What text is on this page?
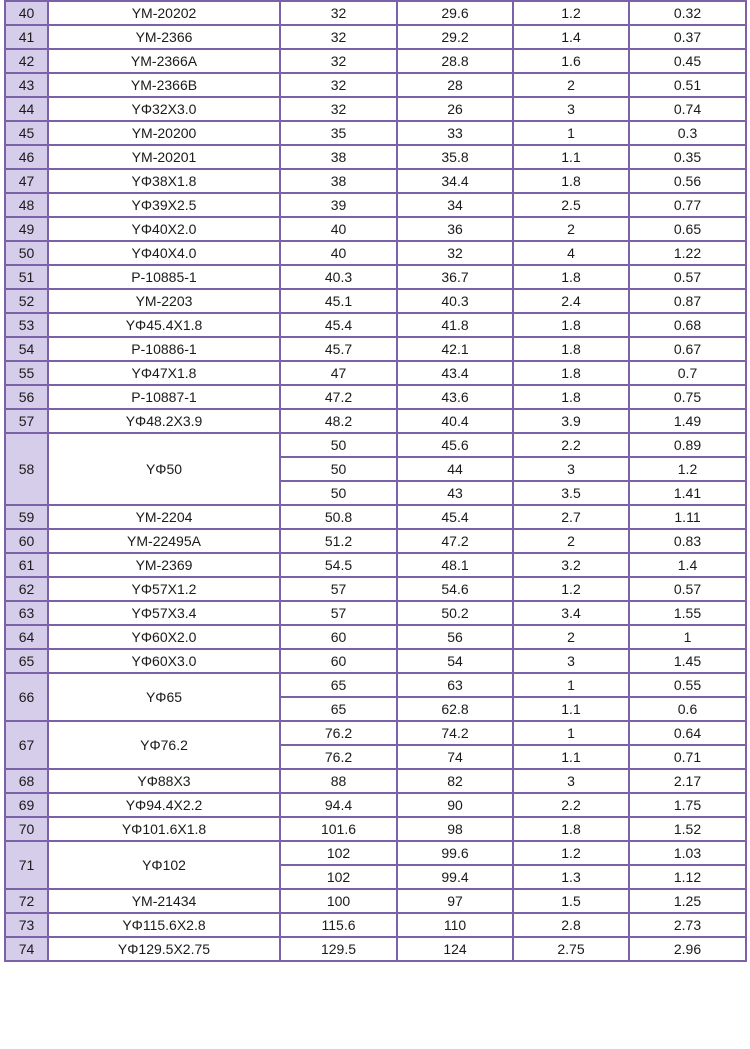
40	YM-20202	32	29.6	1.2	0.32
41	YM-2366	32	29.2	1.4	0.37
42	YM-2366A	32	28.8	1.6	0.45
43	YM-2366B	32	28	2	0.51
44	YΦ32X3.0	32	26	3	0.74
45	YM-20200	35	33	1	0.3
46	YM-20201	38	35.8	1.1	0.35
47	YΦ38X1.8	38	34.4	1.8	0.56
48	YΦ39X2.5	39	34	2.5	0.77
49	YΦ40X2.0	40	36	2	0.65
50	YΦ40X4.0	40	32	4	1.22
51	P-10885-1	40.3	36.7	1.8	0.57
52	YM-2203	45.1	40.3	2.4	0.87
53	YΦ45.4X1.8	45.4	41.8	1.8	0.68
54	P-10886-1	45.7	42.1	1.8	0.67
55	YΦ47X1.8	47	43.4	1.8	0.7
56	P-10887-1	47.2	43.6	1.8	0.75
57	YΦ48.2X3.9	48.2	40.4	3.9	1.49
58	YΦ50	50	45.6	2.2	0.89
		50	44	3	1.2
		50	43	3.5	1.41
59	YM-2204	50.8	45.4	2.7	1.11
60	YM-22495A	51.2	47.2	2	0.83
61	YM-2369	54.5	48.1	3.2	1.4
62	YΦ57X1.2	57	54.6	1.2	0.57
63	YΦ57X3.4	57	50.2	3.4	1.55
64	YΦ60X2.0	60	56	2	1
65	YΦ60X3.0	60	54	3	1.45
66	YΦ65	65	63	1	0.55
		65	62.8	1.1	0.6
67	YΦ76.2	76.2	74.2	1	0.64
		76.2	74	1.1	0.71
68	YΦ88X3	88	82	3	2.17
69	YΦ94.4X2.2	94.4	90	2.2	1.75
70	YΦ101.6X1.8	101.6	98	1.8	1.52
71	YΦ102	102	99.6	1.2	1.03
		102	99.4	1.3	1.12
72	YM-21434	100	97	1.5	1.25
73	YΦ115.6X2.8	115.6	110	2.8	2.73
74	YΦ129.5X2.75	129.5	124	2.75	2.96
